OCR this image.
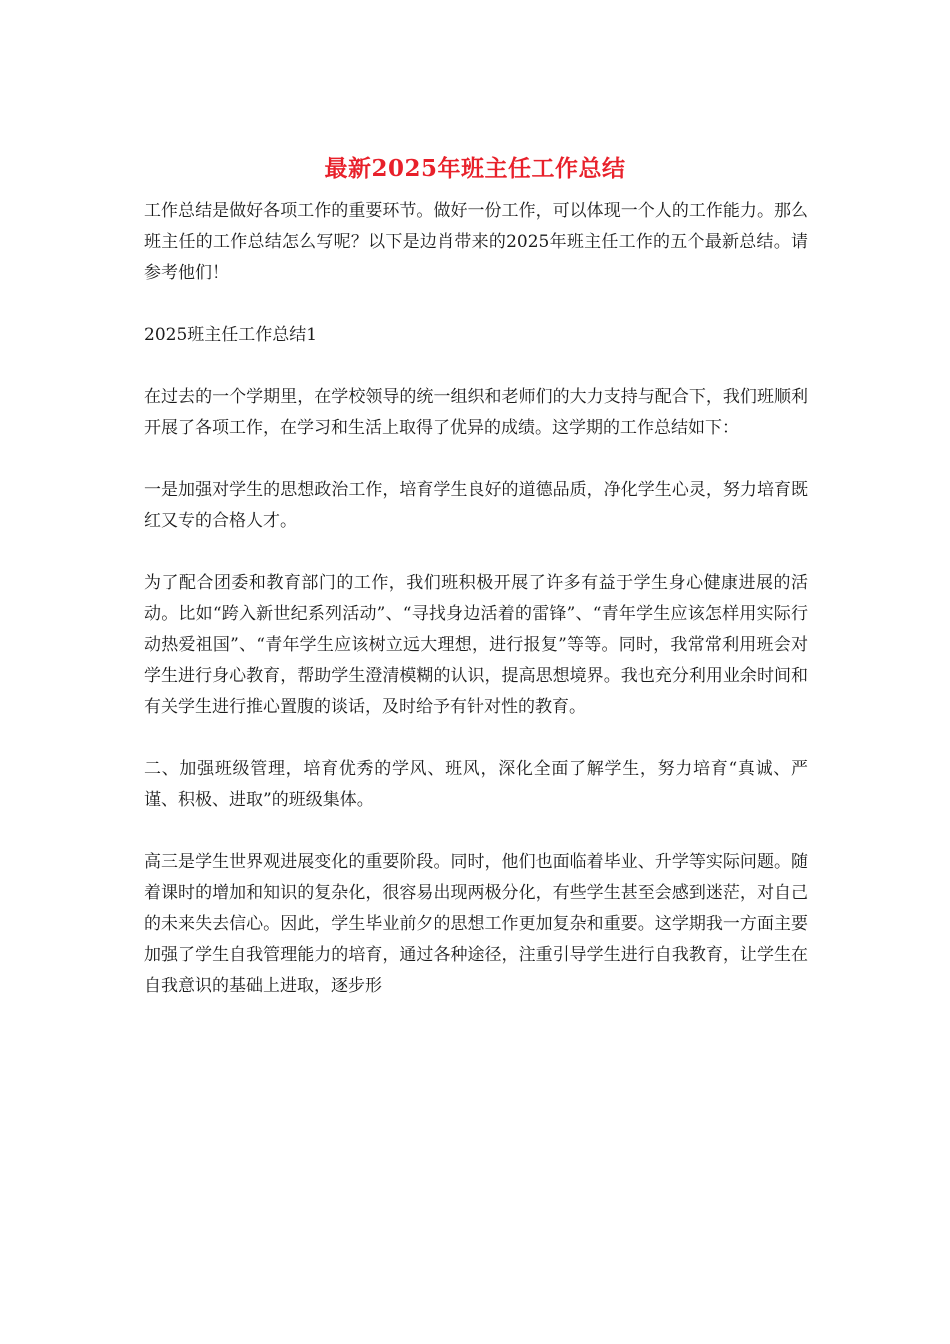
最新2025年班主任工作总结

工作总结是做好各项工作的重要环节。做好一份工作，可以体现一个人的工作能力。那么班主任的工作总结怎么写呢？以下是边肖带来的2025年班主任工作的五个最新总结。请参考他们！

2025班主任工作总结1

在过去的一个学期里，在学校领导的统一组织和老师们的大力支持与配合下，我们班顺利开展了各项工作，在学习和生活上取得了优异的成绩。这学期的工作总结如下：

一是加强对学生的思想政治工作，培育学生良好的道德品质，净化学生心灵，努力培育既红又专的合格人才。

为了配合团委和教育部门的工作，我们班积极开展了许多有益于学生身心健康进展的活动。比如“跨入新世纪系列活动”、“寻找身边活着的雷锋”、“青年学生应该怎样用实际行动热爱祖国”、“青年学生应该树立远大理想，进行报复”等等。同时，我常常利用班会对学生进行身心教育，帮助学生澄清模糊的认识，提高思想境界。我也充分利用业余时间和有关学生进行推心置腹的谈话，及时给予有针对性的教育。

二、加强班级管理，培育优秀的学风、班风，深化全面了解学生，努力培育“真诚、严谨、积极、进取”的班级集体。

高三是学生世界观进展变化的重要阶段。同时，他们也面临着毕业、升学等实际问题。随着课时的增加和知识的复杂化，很容易出现两极分化，有些学生甚至会感到迷茫，对自己的未来失去信心。因此，学生毕业前夕的思想工作更加复杂和重要。这学期我一方面主要加强了学生自我管理能力的培育，通过各种途径，注重引导学生进行自我教育，让学生在自我意识的基础上进取，逐步形
